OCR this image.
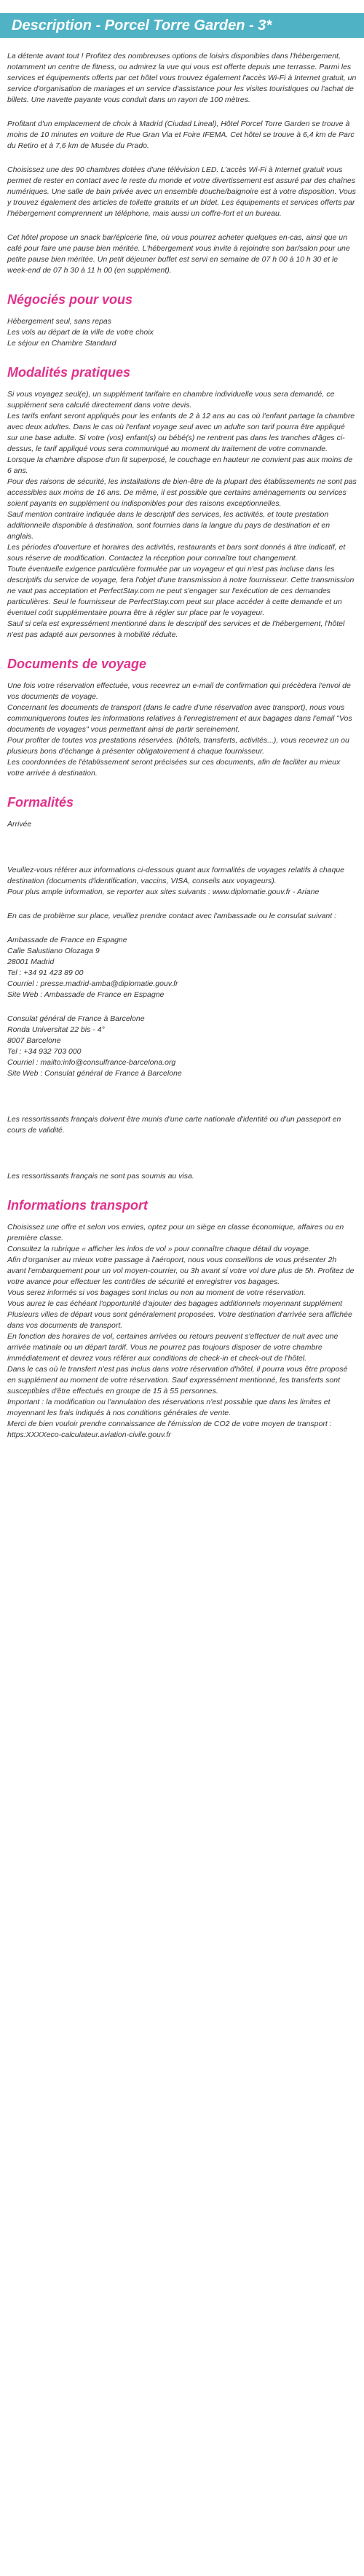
Description - Porcel Torre Garden - 3*

La détente avant tout ! Profitez des nombreuses options de loisirs disponibles dans l'hébergement, notamment un centre de fitness, ou admirez la vue qui vous est offerte depuis une terrasse. Parmi les services et équipements offerts par cet hôtel vous trouvez également l'accès Wi-Fi à Internet gratuit, un service d'organisation de mariages et un service d'assistance pour les visites touristiques ou l'achat de billets. Une navette payante vous conduit dans un rayon de 100 mètres.

Profitant d'un emplacement de choix à Madrid (Ciudad Lineal), Hôtel Porcel Torre Garden se trouve à moins de 10 minutes en voiture de Rue Gran Via et Foire IFEMA. Cet hôtel se trouve à 6,4 km de Parc du Retiro et à 7,6 km de Musée du Prado.

Choisissez une des 90 chambres dotées d'une télévision LED. L'accès Wi-Fi à Internet gratuit vous permet de rester en contact avec le reste du monde et votre divertissement est assuré par des chaînes numériques. Une salle de bain privée avec un ensemble douche/baignoire est à votre disposition. Vous y trouvez également des articles de toilette gratuits et un bidet. Les équipements et services offerts par l'hébergement comprennent un téléphone, mais aussi un coffre-fort et un bureau.

Cet hôtel propose un snack bar/épicerie fine, où vous pourrez acheter quelques en-cas, ainsi que un café pour faire une pause bien méritée. L'hébergement vous invite à rejoindre son bar/salon pour une petite pause bien méritée. Un petit déjeuner buffet est servi en semaine de 07 h 00 à 10 h 30 et le week-end de 07 h 30 à 11 h 00 (en supplément).

Négociés pour vous

Hébergement seul, sans repas

Les vols au départ de la ville de votre choix

Le séjour en Chambre Standard

Modalités pratiques

Si vous voyagez seul(e), un supplément tarifaire en chambre individuelle vous sera demandé, ce supplément sera calculé directement dans votre devis.

Les tarifs enfant seront appliqués pour les enfants de 2 à 12 ans au cas où l'enfant partage la chambre avec deux adultes. Dans le cas où l'enfant voyage seul avec un adulte son tarif pourra être appliqué sur une base adulte. Si votre (vos) enfant(s) ou bébé(s) ne rentrent pas dans les tranches d'âges ci-dessus, le tarif appliqué vous sera communiqué au moment du traitement de votre commande. Lorsque la chambre dispose d'un lit superposé, le couchage en hauteur ne convient pas aux moins de 6 ans.

Pour des raisons de sécurité, les installations de bien-être de la plupart des établissements ne sont pas accessibles aux moins de 16 ans. De même, il est possible que certains aménagements ou services soient payants en supplément ou indisponibles pour des raisons exceptionnelles.

Sauf mention contraire indiquée dans le descriptif des services, les activités, et toute prestation additionnelle disponible à destination, sont fournies dans la langue du pays de destination et en anglais.

Les périodes d'ouverture et horaires des activités, restaurants et bars sont donnés à titre indicatif, et sous réserve de modification. Contactez la réception pour connaître tout changement.

Toute éventuelle exigence particulière formulée par un voyageur et qui n'est pas incluse dans les descriptifs du service de voyage, fera l'objet d'une transmission à notre fournisseur. Cette transmission ne vaut pas acceptation et PerfectStay.com ne peut s'engager sur l'exécution de ces demandes particulières. Seul le fournisseur de PerfectStay.com peut sur place accéder à cette demande et un éventuel coût supplémentaire pourra être à régler sur place par le voyageur.

Sauf si cela est expressément mentionné dans le descriptif des services et de l'hébergement, l'hôtel n'est pas adapté aux personnes à mobilité réduite.

Documents de voyage

Une fois votre réservation effectuée, vous recevrez un e-mail de confirmation qui précèdera l'envoi de vos documents de voyage.

Concernant les documents de transport (dans le cadre d'une réservation avec transport), nous vous communiquerons toutes les informations relatives à l'enregistrement et aux bagages dans l'email "Vos documents de voyages" vous permettant ainsi de partir sereinement.

Pour profiter de toutes vos prestations réservées. (hôtels, transferts, activités...), vous recevrez un ou plusieurs bons d'échange à présenter obligatoirement à chaque fournisseur.

Les coordonnées de l'établissement seront précisées sur ces documents, afin de faciliter au mieux votre arrivée à destination.

Formalités

Arrivée

Veuillez-vous référer aux informations ci-dessous quant aux formalités de voyages relatifs à chaque destination (documents d'identification, vaccins, VISA, conseils aux voyageurs).

Pour plus ample information, se reporter aux sites suivants : www.diplomatie.gouv.fr - Ariane

En cas de problème sur place, veuillez prendre contact avec l'ambassade ou le consulat suivant :

Ambassade de France en Espagne

Calle Salustiano Olozaga 9

28001 Madrid

Tel : +34 91 423 89 00

Courriel : presse.madrid-amba@diplomatie.gouv.fr

Site Web : Ambassade de France en Espagne

Consulat général de France à Barcelone

Ronda Universitat 22 bis - 4°

8007 Barcelone

Tel : +34 932 703 000

Courriel : mailto:info@consulfrance-barcelona.org

Site Web : Consulat général de France à Barcelone

Les ressortissants français doivent être munis d'une carte nationale d'identité ou d'un passeport en cours de validité.

Les ressortissants français ne sont pas soumis au visa.

Informations transport

Choisissez une offre et selon vos envies, optez pour un siège en classe économique, affaires ou en première classe.

Consultez la rubrique « afficher les infos de vol » pour connaître chaque détail du voyage.

Afin d'organiser au mieux votre passage à l'aéroport, nous vous conseillons de vous présenter 2h avant l'embarquement pour un vol moyen-courrier, ou 3h avant si votre vol dure plus de 5h. Profitez de votre avance pour effectuer les contrôles de sécurité et enregistrer vos bagages.

Vous serez informés si vos bagages sont inclus ou non au moment de votre réservation.

Vous aurez le cas échéant l'opportunité d'ajouter des bagages additionnels moyennant supplément

Plusieurs villes de départ vous sont généralement proposées. Votre destination d'arrivée sera affichée dans vos documents de transport.

En fonction des horaires de vol, certaines arrivées ou retours peuvent s'effectuer de nuit avec une arrivée matinale ou un départ tardif. Vous ne pourrez pas toujours disposer de votre chambre immédiatement et devrez vous référer aux conditions de check-in et check-out de l'hôtel.

Dans le cas où le transfert n'est pas inclus dans votre réservation d'hôtel, il pourra vous être proposé en supplément au moment de votre réservation. Sauf expressément mentionné, les transferts sont susceptibles d'être effectués en groupe de 15 à 55 personnes.

Important : la modification ou l'annulation des réservations n'est possible que dans les limites et moyennant les frais indiqués à nos conditions générales de vente.

Merci de bien vouloir prendre connaissance de l'émission de CO2 de votre moyen de transport : https:XXXXeco-calculateur.aviation-civile.gouv.fr
